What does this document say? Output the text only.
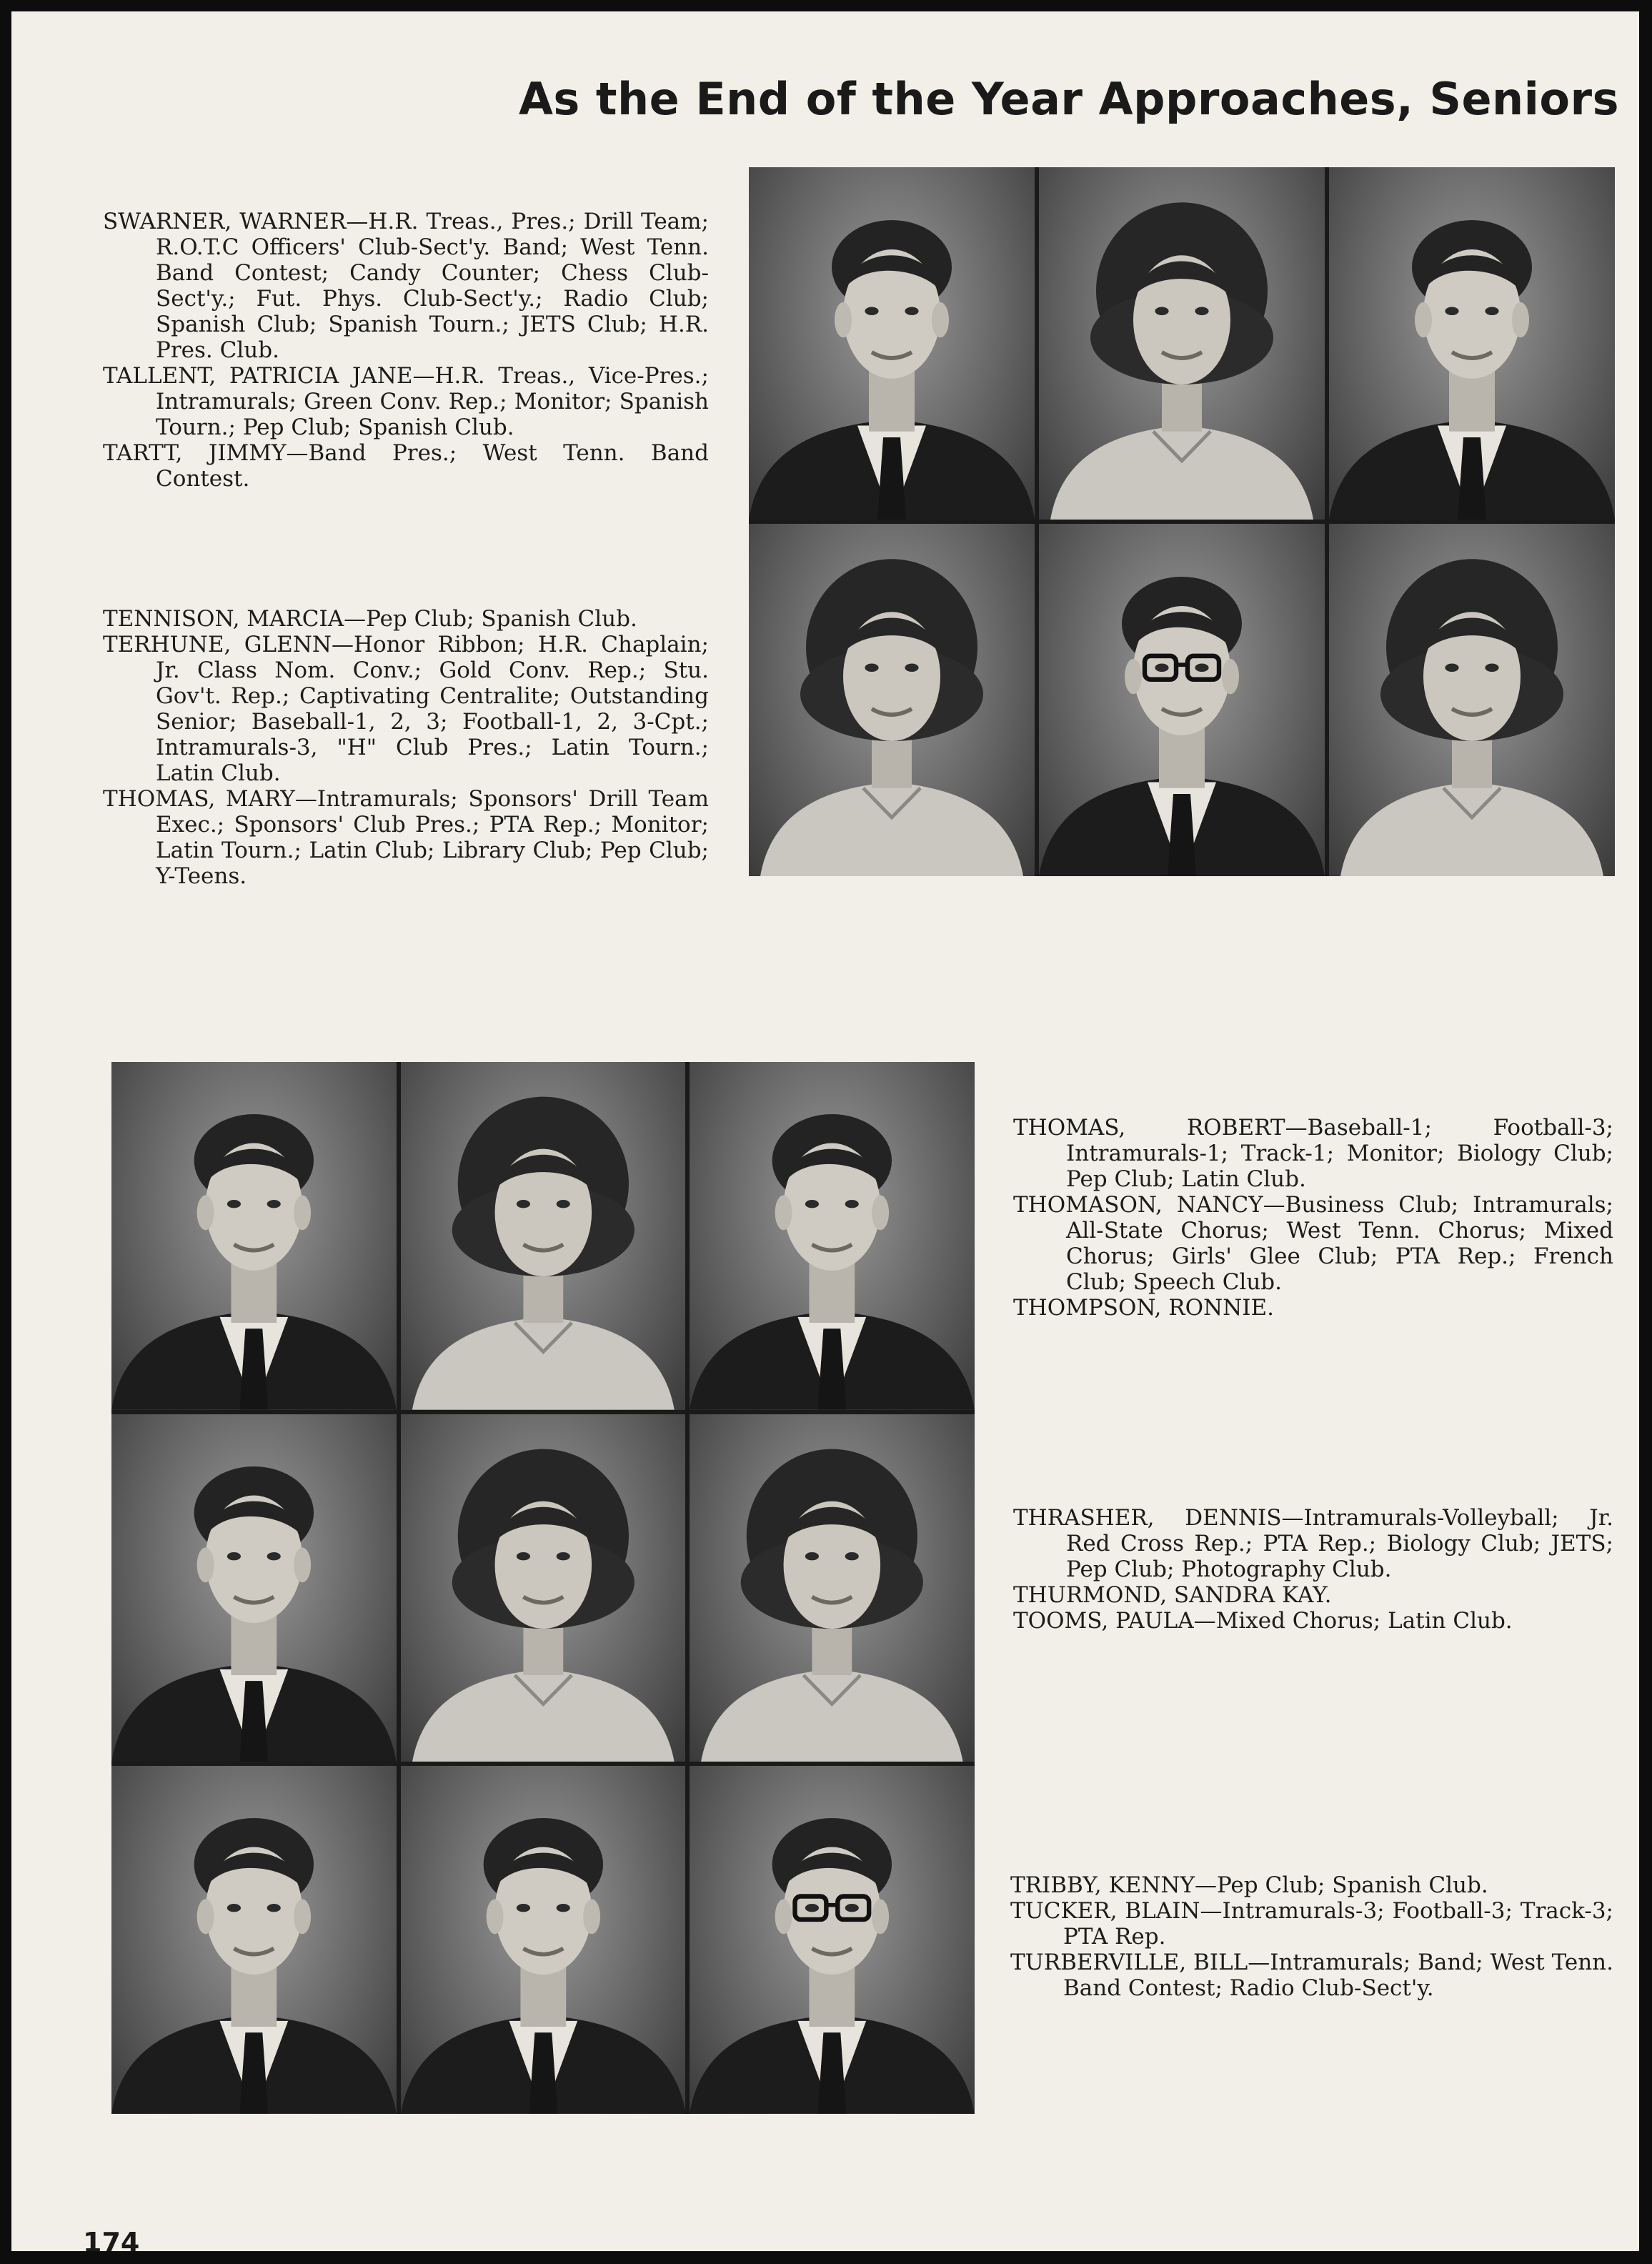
As the End of the Year Approaches, Seniors

SWARNER, WARNER—H.R. Treas., Pres.; Drill Team; R.O.T.C Officers' Club-Sect'y. Band; West Tenn. Band Contest; Candy Counter; Chess Club-Sect'y.; Fut. Phys. Club-Sect'y.; Radio Club; Spanish Club; Spanish Tourn.; JETS Club; H.R. Pres. Club.

TALLENT, PATRICIA JANE—H.R. Treas., Vice-Pres.; Intramurals; Green Conv. Rep.; Monitor; Spanish Tourn.; Pep Club; Spanish Club.

TARTT, JIMMY—Band Pres.; West Tenn. Band Contest.

TENNISON, MARCIA—Pep Club; Spanish Club.

TERHUNE, GLENN—Honor Ribbon; H.R. Chaplain; Jr. Class Nom. Conv.; Gold Conv. Rep.; Stu. Gov't. Rep.; Captivating Centralite; Outstanding Senior; Baseball-1, 2, 3; Football-1, 2, 3-Cpt.; Intramurals-3, "H" Club Pres.; Latin Tourn.; Latin Club.

THOMAS, MARY—Intramurals; Sponsors' Drill Team Exec.; Sponsors' Club Pres.; PTA Rep.; Monitor; Latin Tourn.; Latin Club; Library Club; Pep Club; Y-Teens.

THOMAS, ROBERT—Baseball-1; Football-3; Intramurals-1; Track-1; Monitor; Biology Club; Pep Club; Latin Club.

THOMASON, NANCY—Business Club; Intramurals; All-State Chorus; West Tenn. Chorus; Mixed Chorus; Girls' Glee Club; PTA Rep.; French Club; Speech Club.

THOMPSON, RONNIE.

THRASHER, DENNIS—Intramurals-Volleyball; Jr. Red Cross Rep.; PTA Rep.; Biology Club; JETS; Pep Club; Photography Club.

THURMOND, SANDRA KAY.

TOOMS, PAULA—Mixed Chorus; Latin Club.

TRIBBY, KENNY—Pep Club; Spanish Club.

TUCKER, BLAIN—Intramurals-3; Football-3; Track-3; PTA Rep.

TURBERVILLE, BILL—Intramurals; Band; West Tenn. Band Contest; Radio Club-Sect'y.

174
